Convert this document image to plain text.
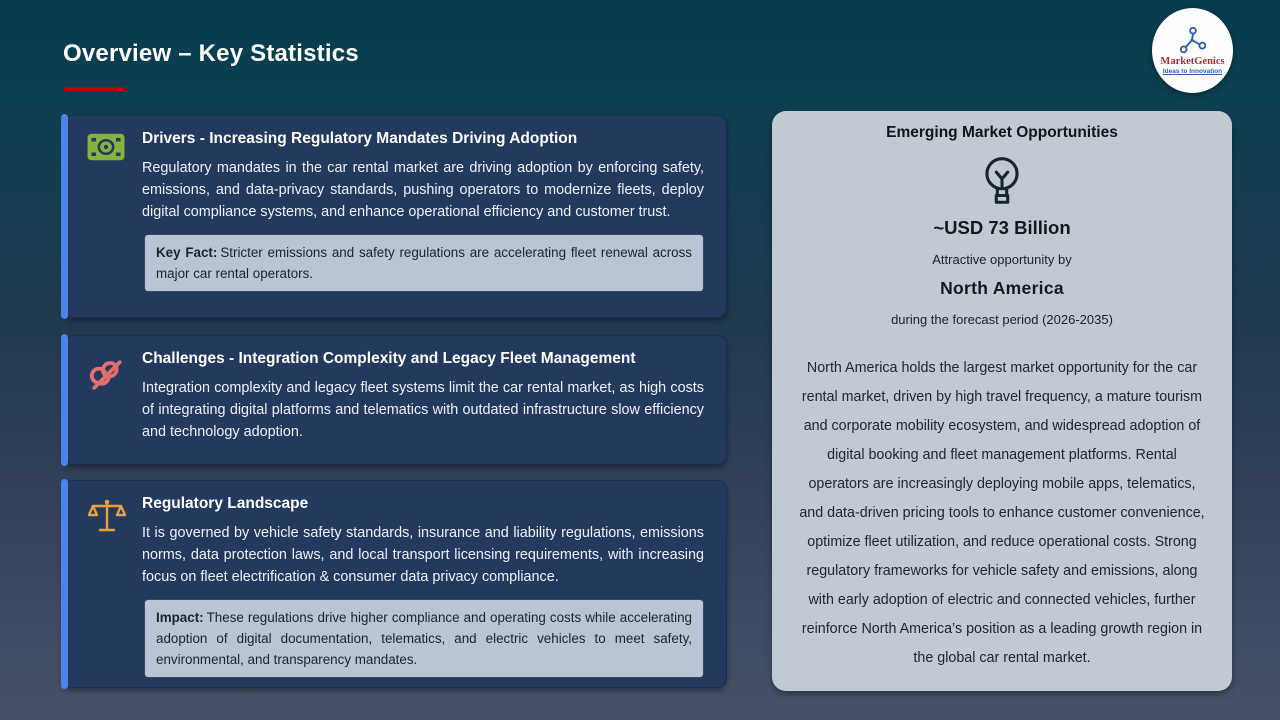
Overview – Key Statistics	MarketGenics
Ideas to Innovation
Drivers - Increasing Regulatory Mandates Driving Adoption

Regulatory mandates in the car rental market are driving adoption by enforcing safety, emissions, and data-privacy standards, pushing operators to modernize fleets, deploy digital compliance systems, and enhance operational efficiency and customer trust.

Key Fact: Stricter emissions and safety regulations are accelerating fleet renewal across major car rental operators.
Challenges - Integration Complexity and Legacy Fleet Management

Integration complexity and legacy fleet systems limit the car rental market, as high costs of integrating digital platforms and telematics with outdated infrastructure slow efficiency and technology adoption.

Regulatory Landscape

It is governed by vehicle safety standards, insurance and liability regulations, emissions norms, data protection laws, and local transport licensing requirements, with increasing focus on fleet electrification & consumer data privacy compliance.

Impact: These regulations drive higher compliance and operating costs while accelerating adoption of digital documentation, telematics, and electric vehicles to meet safety, environmental, and transparency mandates.
Emerging Market Opportunities
~USD 73 Billion
Attractive opportunity by
North America
during the forecast period (2026-2035)

North America holds the largest market opportunity for the car rental market, driven by high travel frequency, a mature tourism and corporate mobility ecosystem, and widespread adoption of digital booking and fleet management platforms. Rental operators are increasingly deploying mobile apps, telematics, and data-driven pricing tools to enhance customer convenience, optimize fleet utilization, and reduce operational costs. Strong regulatory frameworks for vehicle safety and emissions, along with early adoption of electric and connected vehicles, further reinforce North America’s position as a leading growth region in the global car rental market.
